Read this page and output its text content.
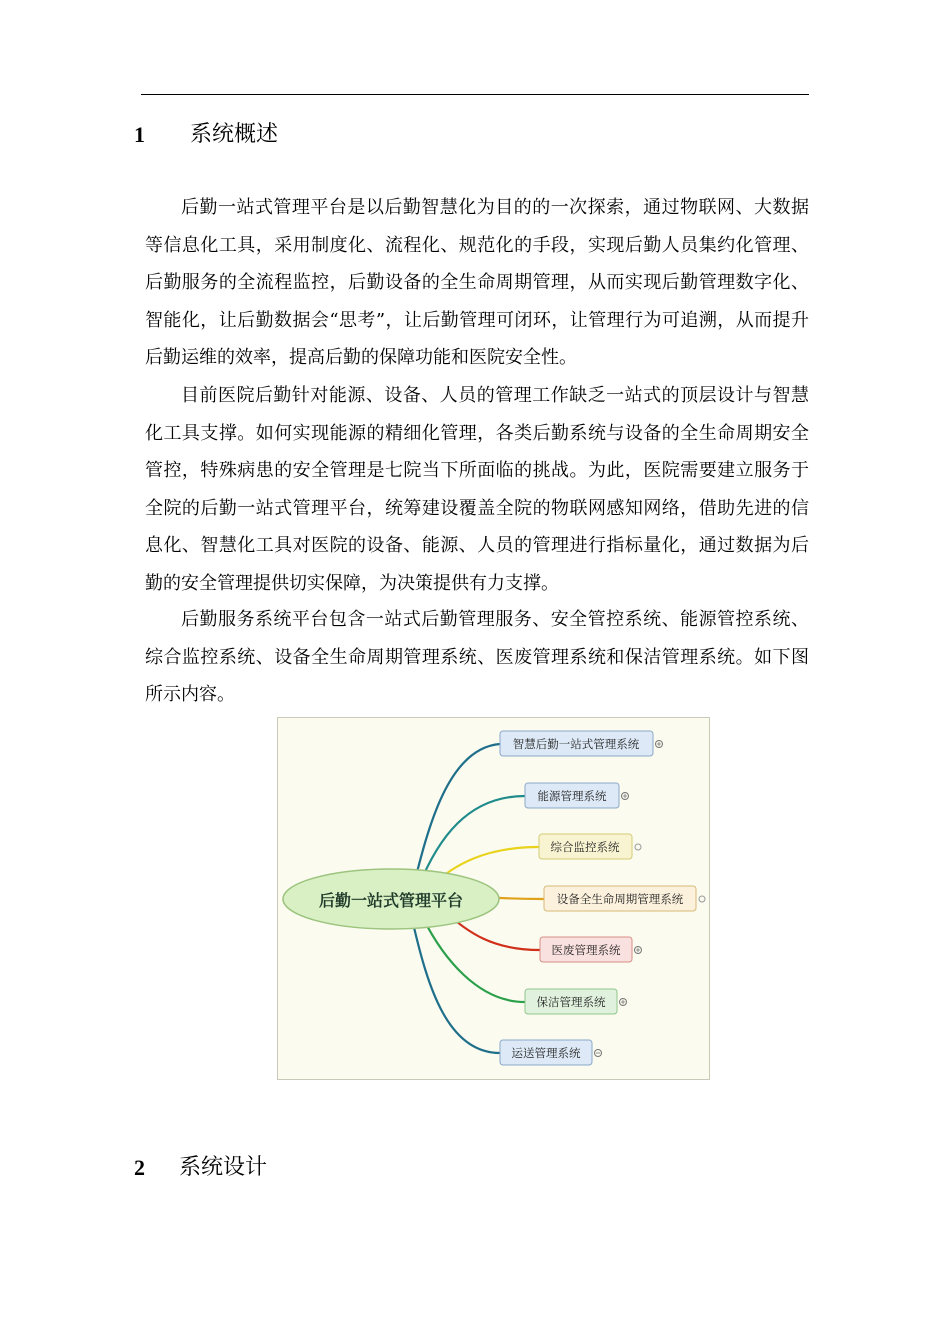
1 系统概述

后勤一站式管理平台是以后勤智慧化为目的的一次探索，通过物联网、大数据等信息化工具，采用制度化、流程化、规范化的手段，实现后勤人员集约化管理、后勤服务的全流程监控，后勤设备的全生命周期管理，从而实现后勤管理数字化、智能化，让后勤数据会“思考”，让后勤管理可闭环，让管理行为可追溯，从而提升后勤运维的效率，提高后勤的保障功能和医院安全性。

目前医院后勤针对能源、设备、人员的管理工作缺乏一站式的顶层设计与智慧化工具支撑。如何实现能源的精细化管理，各类后勤系统与设备的全生命周期安全管控，特殊病患的安全管理是七院当下所面临的挑战。为此，医院需要建立服务于全院的后勤一站式管理平台，统筹建设覆盖全院的物联网感知网络，借助先进的信息化、智慧化工具对医院的设备、能源、人员的管理进行指标量化，通过数据为后勤的安全管理提供切实保障，为决策提供有力支撑。

后勤服务系统平台包含一站式后勤管理服务、安全管控系统、能源管控系统、综合监控系统、设备全生命周期管理系统、医废管理系统和保洁管理系统。如下图所示内容。

后勤一站式管理平台
智慧后勤一站式管理系统
能源管理系统
综合监控系统
设备全生命周期管理系统
医废管理系统
保洁管理系统
运送管理系统
2 系统设计
